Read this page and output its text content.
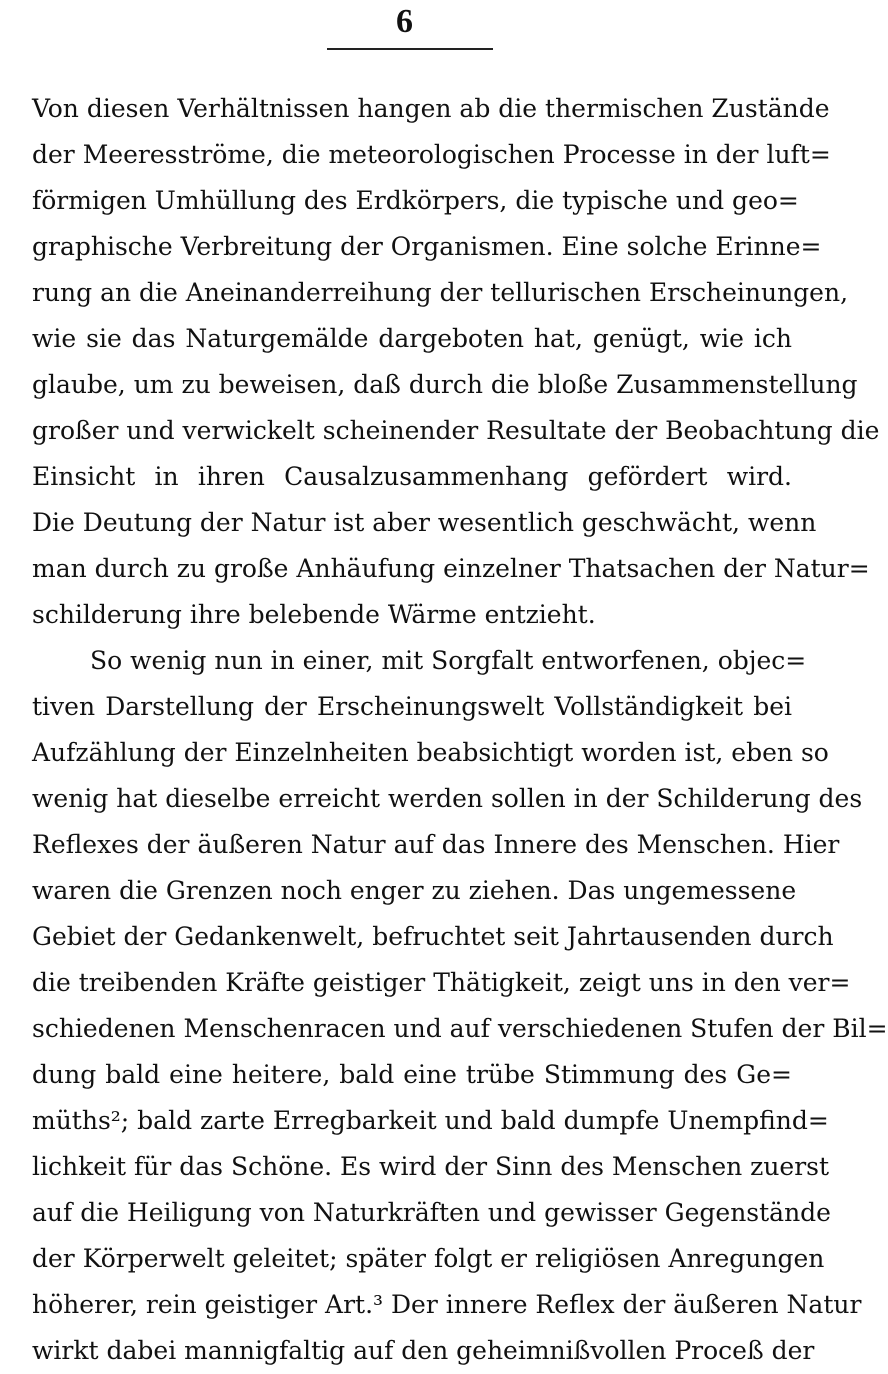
6
Von diesen Verhältnissen hangen ab die thermischen Zustände
der Meeresströme, die meteorologischen Processe in der luft=
förmigen Umhüllung des Erdkörpers, die typische und geo=
graphische Verbreitung der Organismen. Eine solche Erinne=
rung an die Aneinanderreihung der tellurischen Erscheinungen,
wie sie das Naturgemälde dargeboten hat, genügt, wie ich
glaube, um zu beweisen, daß durch die bloße Zusammenstellung
großer und verwickelt scheinender Resultate der Beobachtung die
Einsicht in ihren Causalzusammenhang gefördert wird.
Die Deutung der Natur ist aber wesentlich geschwächt, wenn
man durch zu große Anhäufung einzelner Thatsachen der Natur=
schilderung ihre belebende Wärme entzieht.
So wenig nun in einer, mit Sorgfalt entworfenen, objec=
tiven Darstellung der Erscheinungswelt Vollständigkeit bei
Aufzählung der Einzelnheiten beabsichtigt worden ist, eben so
wenig hat dieselbe erreicht werden sollen in der Schilderung des
Reflexes der äußeren Natur auf das Innere des Menschen. Hier
waren die Grenzen noch enger zu ziehen. Das ungemessene
Gebiet der Gedankenwelt, befruchtet seit Jahrtausenden durch
die treibenden Kräfte geistiger Thätigkeit, zeigt uns in den ver=
schiedenen Menschenracen und auf verschiedenen Stufen der Bil=
dung bald eine heitere, bald eine trübe Stimmung des Ge=
müths²; bald zarte Erregbarkeit und bald dumpfe Unempfind=
lichkeit für das Schöne. Es wird der Sinn des Menschen zuerst
auf die Heiligung von Naturkräften und gewisser Gegenstände
der Körperwelt geleitet; später folgt er religiösen Anregungen
höherer, rein geistiger Art.³ Der innere Reflex der äußeren Natur
wirkt dabei mannigfaltig auf den geheimnißvollen Proceß der
